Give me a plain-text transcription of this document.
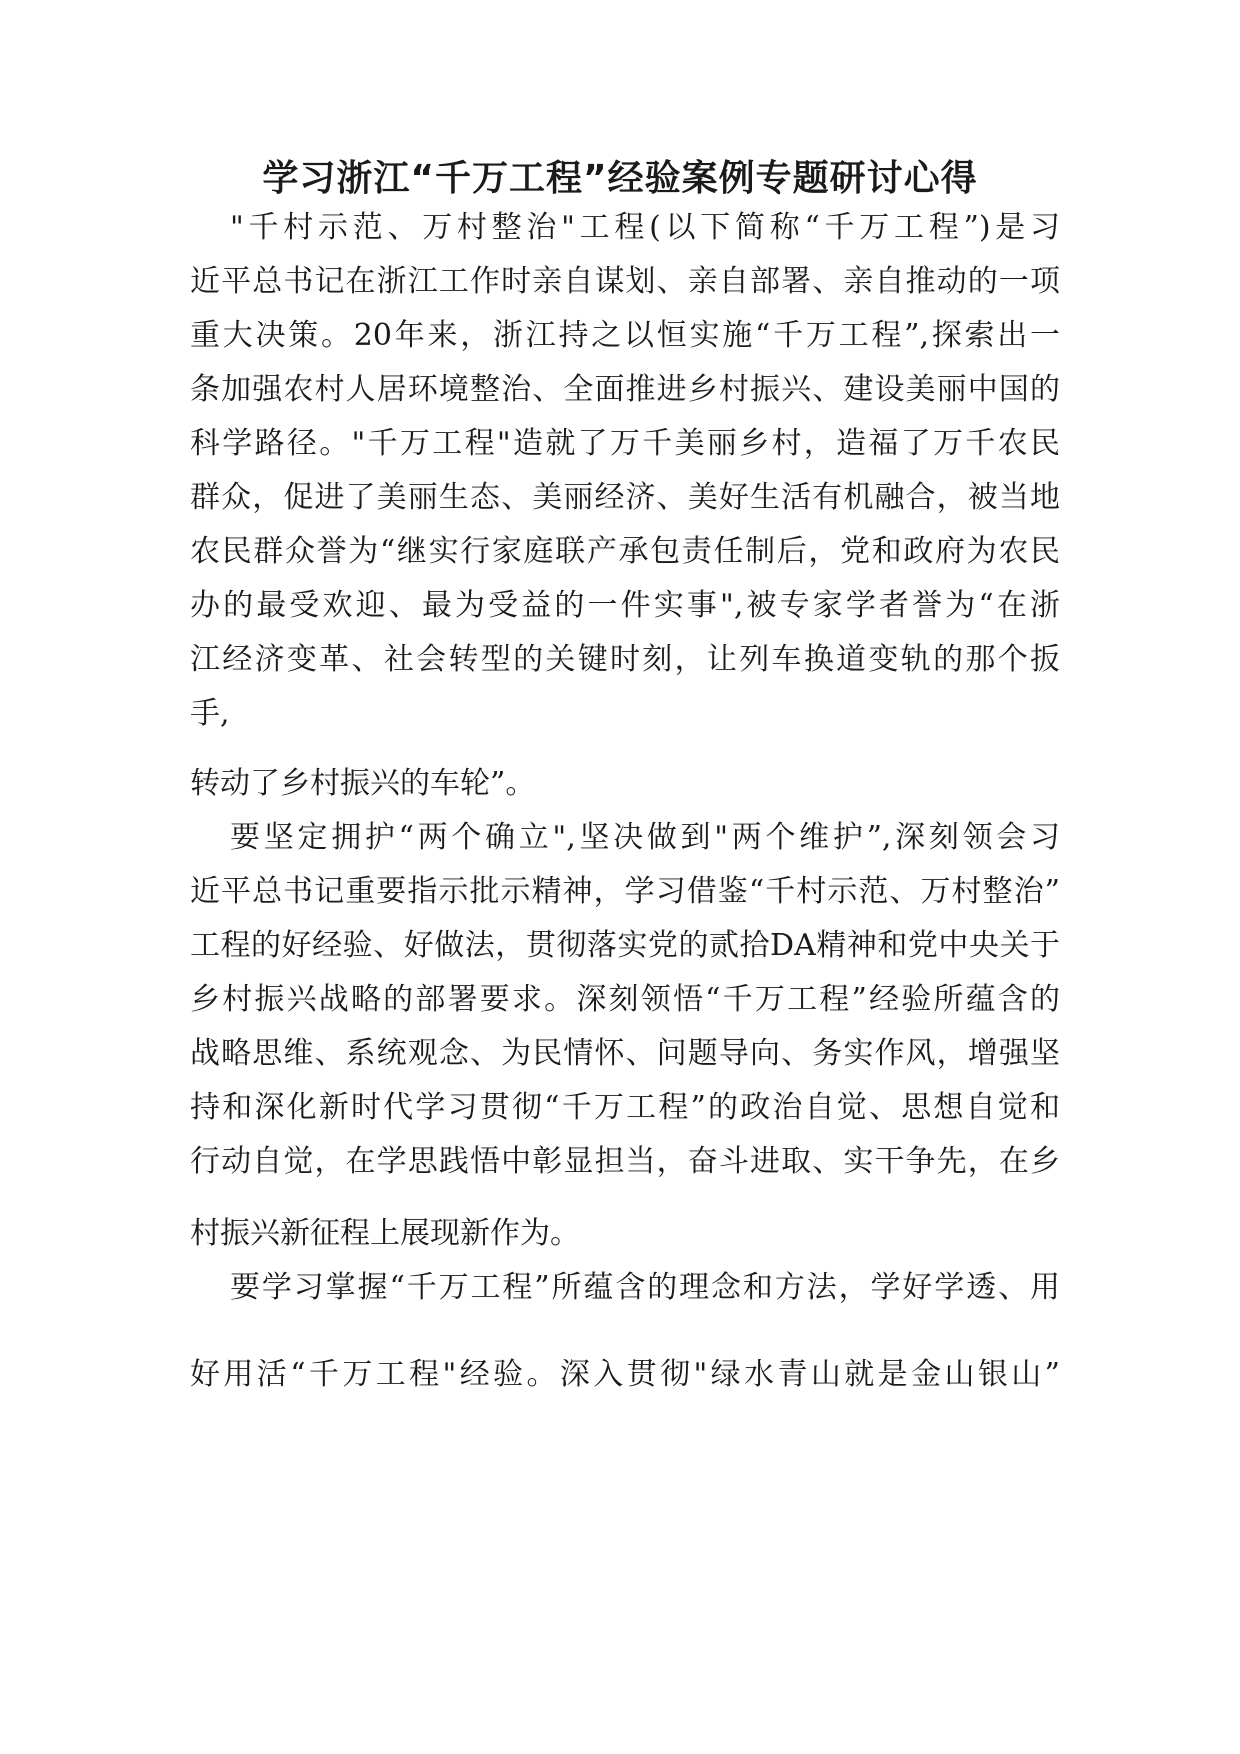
学习浙江“千万工程”经验案例专题研讨心得
"千村示范、万村整治"工程(以下简称“千万工程”)是习
近平总书记在浙江工作时亲自谋划、亲自部署、亲自推动的一项
重大决策。20年来，浙江持之以恒实施“千万工程”,探索出一
条加强农村人居环境整治、全面推进乡村振兴、建设美丽中国的
科学路径。"千万工程"造就了万千美丽乡村，造福了万千农民
群众，促进了美丽生态、美丽经济、美好生活有机融合，被当地
农民群众誉为“继实行家庭联产承包责任制后，党和政府为农民
办的最受欢迎、最为受益的一件实事",被专家学者誉为“在浙
江经济变革、社会转型的关键时刻，让列车换道变轨的那个扳
手,
转动了乡村振兴的车轮”。
要坚定拥护“两个确立",坚决做到"两个维护”,深刻领会习
近平总书记重要指示批示精神，学习借鉴“千村示范、万村整治”
工程的好经验、好做法，贯彻落实党的贰拾DA精神和党中央关于
乡村振兴战略的部署要求。深刻领悟“千万工程”经验所蕴含的
战略思维、系统观念、为民情怀、问题导向、务实作风，增强坚
持和深化新时代学习贯彻“千万工程”的政治自觉、思想自觉和
行动自觉，在学思践悟中彰显担当，奋斗进取、实干争先，在乡
村振兴新征程上展现新作为。
要学习掌握“千万工程”所蕴含的理念和方法，学好学透、用
好用活“千万工程"经验。深入贯彻"绿水青山就是金山银山”
